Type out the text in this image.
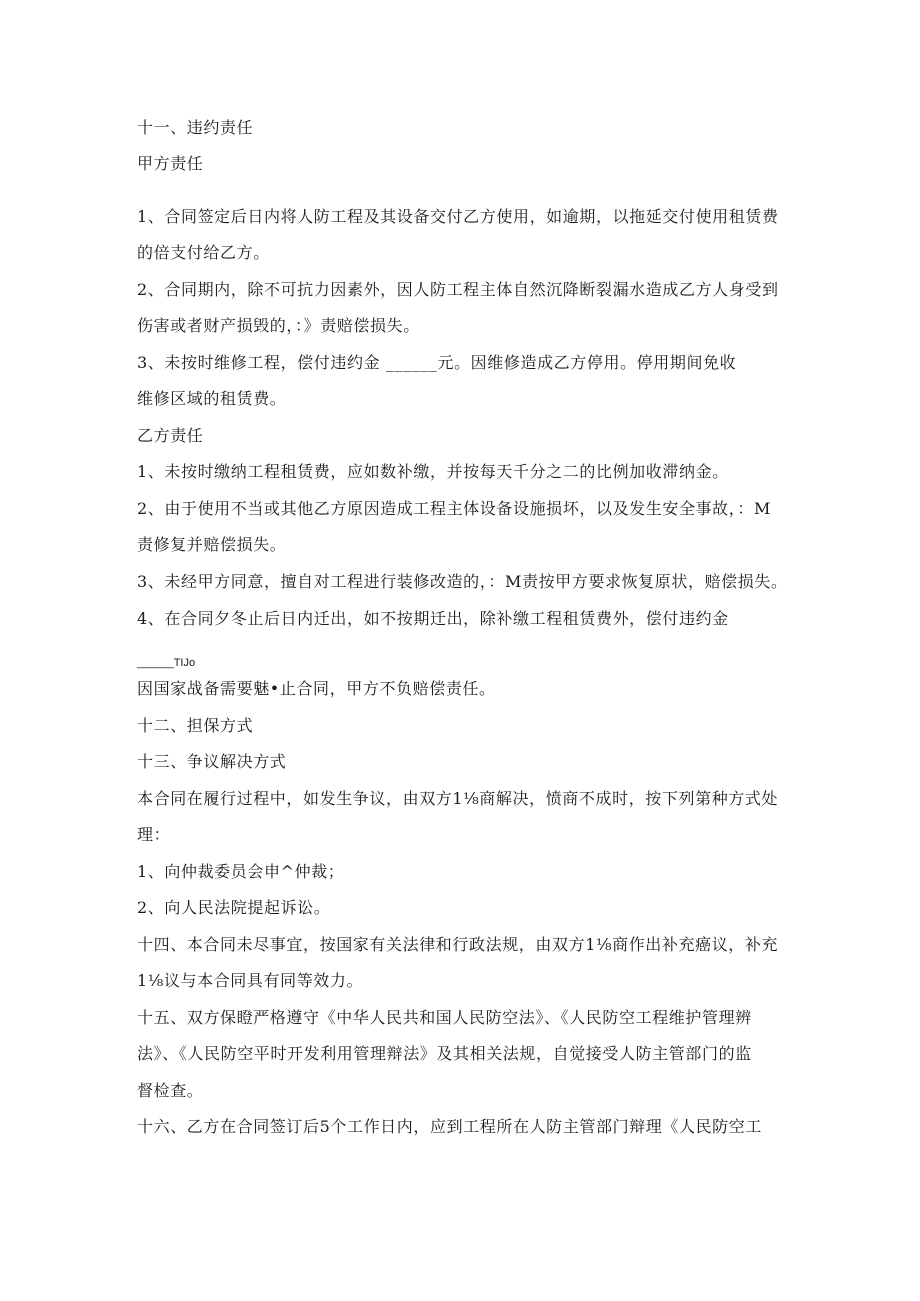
十一、违约责任
甲方责任
1、合同签定后日内将人防工程及其设备交付乙方使用，如逾期，以拖延交付使用租赁费
的倍支付给乙方。
2、合同期内，除不可抗力因素外，因人防工程主体自然沉降断裂漏水造成乙方人身受到
伤害或者财产损毁的，：》责赔偿损失。
3、未按时维修工程，偿付违约金 ______元。因维修造成乙方停用。停用期间免收
维修区域的租赁费。
乙方责任
1、未按时缴纳工程租赁费，应如数补缴，并按每天千分之二的比例加收滞纳金。
2、由于使用不当或其他乙方原因造成工程主体设备设施损坏，以及发生安全事故，：M
责修复并赔偿损失。
3、未经甲方同意，擅自对工程进行装修改造的，：M责按甲方要求恢复原状，赔偿损失。
4、在合同夕冬止后日内迁出，如不按期迁出，除补缴工程租赁费外，偿付违约金
______TIJo
因国家战备需要魅•止合同，甲方不负赔偿责任。
十二、担保方式
十三、争议解决方式
本合同在履行过程中，如发生争议，由双方1⅛商解决，愤商不成时，按下列第种方式处
理：
1、向仲裁委员会申^仲裁；
2、向人民法院提起诉讼。
十四、本合同未尽事宜，按国家有关法律和行政法规，由双方1⅛商作出补充癌议，补充
1⅛议与本合同具有同等效力。
十五、双方保瞪严格遵守《中华人民共和国人民防空法》、《人民防空工程维护管理辨
法》、《人民防空平时开发利用管理辩法》及其相关法规，自觉接受人防主管部门的监
督检查。
十六、乙方在合同签订后5个工作日内，应到工程所在人防主管部门辩理《人民防空工
